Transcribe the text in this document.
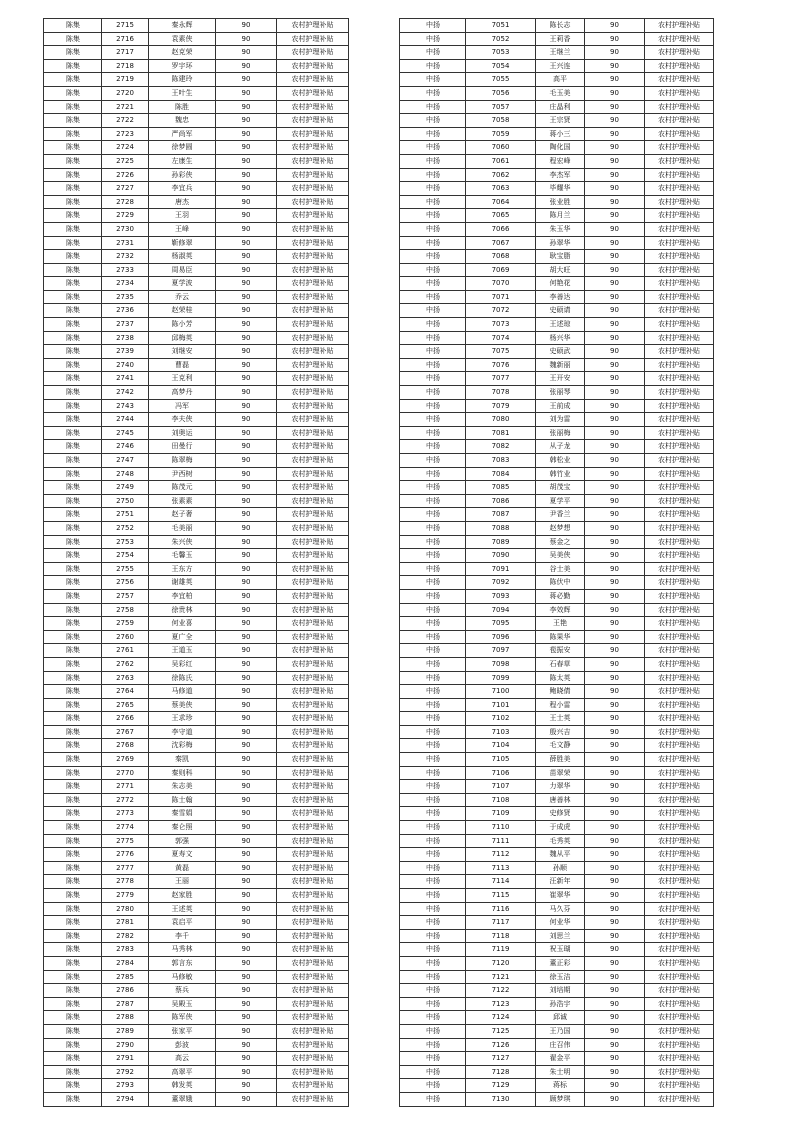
陈集	2715	秦永辉	90	农村护理补贴
陈集	2716	袁素侠	90	农村护理补贴
陈集	2717	赵克荣	90	农村护理补贴
陈集	2718	罗宇环	90	农村护理补贴
陈集	2719	陈建玲	90	农村护理补贴
陈集	2720	王叶生	90	农村护理补贴
陈集	2721	陈胜	90	农村护理补贴
陈集	2722	魏忠	90	农村护理补贴
陈集	2723	严尚军	90	农村护理补贴
陈集	2724	徐梦圆	90	农村护理补贴
陈集	2725	左康生	90	农村护理补贴
陈集	2726	孙彩侠	90	农村护理补贴
陈集	2727	李宜兵	90	农村护理补贴
陈集	2728	唐杰	90	农村护理补贴
陈集	2729	王羽	90	农村护理补贴
陈集	2730	王峰	90	农村护理补贴
陈集	2731	靳修翠	90	农村护理补贴
陈集	2732	杨淑英	90	农村护理补贴
陈集	2733	周易臣	90	农村护理补贴
陈集	2734	夏学波	90	农村护理补贴
陈集	2735	乔云	90	农村护理补贴
陈集	2736	赵荣桂	90	农村护理补贴
陈集	2737	陈小芳	90	农村护理补贴
陈集	2738	邱梅英	90	农村护理补贴
陈集	2739	刘继安	90	农村护理补贴
陈集	2740	曹磊	90	农村护理补贴
陈集	2741	王克利	90	农村护理补贴
陈集	2742	高梦丹	90	农村护理补贴
陈集	2743	冯军	90	农村护理补贴
陈集	2744	李夫侠	90	农村护理补贴
陈集	2745	刘奥运	90	农村护理补贴
陈集	2746	田曼行	90	农村护理补贴
陈集	2747	陈翠梅	90	农村护理补贴
陈集	2748	尹西树	90	农村护理补贴
陈集	2749	陈茂元	90	农村护理补贴
陈集	2750	张素素	90	农村护理补贴
陈集	2751	赵子奢	90	农村护理补贴
陈集	2752	毛美丽	90	农村护理补贴
陈集	2753	朱兴侠	90	农村护理补贴
陈集	2754	毛馨玉	90	农村护理补贴
陈集	2755	王东方	90	农村护理补贴
陈集	2756	谢雄英	90	农村护理补贴
陈集	2757	李宜柏	90	农村护理补贴
陈集	2758	徐贵林	90	农村护理补贴
陈集	2759	何业喜	90	农村护理补贴
陈集	2760	夏广全	90	农村护理补贴
陈集	2761	王道玉	90	农村护理补贴
陈集	2762	吴彩红	90	农村护理补贴
陈集	2763	徐陈氏	90	农村护理补贴
陈集	2764	马修道	90	农村护理补贴
陈集	2765	蔡美侠	90	农村护理补贴
陈集	2766	王求珍	90	农村护理补贴
陈集	2767	李守道	90	农村护理补贴
陈集	2768	沈彩梅	90	农村护理补贴
陈集	2769	秦凯	90	农村护理补贴
陈集	2770	秦则科	90	农村护理补贴
陈集	2771	朱志美	90	农村护理补贴
陈集	2772	陈士翰	90	农村护理补贴
陈集	2773	秦雪娟	90	农村护理补贴
陈集	2774	秦仑照	90	农村护理补贴
陈集	2775	郭强	90	农村护理补贴
陈集	2776	夏寿文	90	农村护理补贴
陈集	2777	黄磊	90	农村护理补贴
陈集	2778	王丽	90	农村护理补贴
陈集	2779	赵家胜	90	农村护理补贴
陈集	2780	王述英	90	农村护理补贴
陈集	2781	袁启平	90	农村护理补贴
陈集	2782	李千	90	农村护理补贴
陈集	2783	马秀林	90	农村护理补贴
陈集	2784	郭言东	90	农村护理补贴
陈集	2785	马修敏	90	农村护理补贴
陈集	2786	蔡兵	90	农村护理补贴
陈集	2787	吴殿玉	90	农村护理补贴
陈集	2788	陈军侠	90	农村护理补贴
陈集	2789	张家平	90	农村护理补贴
陈集	2790	彭波	90	农村护理补贴
陈集	2791	高云	90	农村护理补贴
陈集	2792	高翠平	90	农村护理补贴
陈集	2793	韩发英	90	农村护理补贴
陈集	2794	董翠娥	90	农村护理补贴
中扬	7051	陈长志	90	农村护理补贴
中扬	7052	王莉香	90	农村护理补贴
中扬	7053	王继兰	90	农村护理补贴
中扬	7054	王兴连	90	农村护理补贴
中扬	7055	高平	90	农村护理补贴
中扬	7056	毛玉美	90	农村护理补贴
中扬	7057	庄晶利	90	农村护理补贴
中扬	7058	王宗贤	90	农村护理补贴
中扬	7059	蒋小三	90	农村护理补贴
中扬	7060	陶化国	90	农村护理补贴
中扬	7061	程宏峰	90	农村护理补贴
中扬	7062	李杰军	90	农村护理补贴
中扬	7063	毕耀华	90	农村护理补贴
中扬	7064	张业胜	90	农村护理补贴
中扬	7065	陈月兰	90	农村护理补贴
中扬	7066	朱玉华	90	农村护理补贴
中扬	7067	孙翠华	90	农村护理补贴
中扬	7068	耿宝脂	90	农村护理补贴
中扬	7069	胡大旺	90	农村护理补贴
中扬	7070	何艳花	90	农村护理补贴
中扬	7071	李善达	90	农村护理补贴
中扬	7072	史硕请	90	农村护理补贴
中扬	7073	王述琼	90	农村护理补贴
中扬	7074	杨兴华	90	农村护理补贴
中扬	7075	史硕武	90	农村护理补贴
中扬	7076	魏新丽	90	农村护理补贴
中扬	7077	王开安	90	农村护理补贴
中扬	7078	张丽琴	90	农村护理补贴
中扬	7079	王前成	90	农村护理补贴
中扬	7080	刘为雷	90	农村护理补贴
中扬	7081	张丽梅	90	农村护理补贴
中扬	7082	从子龙	90	农村护理补贴
中扬	7083	韩松业	90	农村护理补贴
中扬	7084	韩竹业	90	农村护理补贴
中扬	7085	胡茂宝	90	农村护理补贴
中扬	7086	夏学平	90	农村护理补贴
中扬	7087	尹香兰	90	农村护理补贴
中扬	7088	赵梦想	90	农村护理补贴
中扬	7089	蔡金之	90	农村护理补贴
中扬	7090	吴美侠	90	农村护理补贴
中扬	7091	谷士美	90	农村护理补贴
中扬	7092	陈伏中	90	农村护理补贴
中扬	7093	蒋必勤	90	农村护理补贴
中扬	7094	李效辉	90	农村护理补贴
中扬	7095	王艳	90	农村护理补贴
中扬	7096	陈果华	90	农村护理补贴
中扬	7097	苞振安	90	农村护理补贴
中扬	7098	石春草	90	农村护理补贴
中扬	7099	陈太英	90	农村护理补贴
中扬	7100	鲍晓倩	90	农村护理补贴
中扬	7101	程小雷	90	农村护理补贴
中扬	7102	王士英	90	农村护理补贴
中扬	7103	殷兴吉	90	农村护理补贴
中扬	7104	毛文静	90	农村护理补贴
中扬	7105	薛胜美	90	农村护理补贴
中扬	7106	苗翠荣	90	农村护理补贴
中扬	7107	力翠华	90	农村护理补贴
中扬	7108	唐善林	90	农村护理补贴
中扬	7109	史修贤	90	农村护理补贴
中扬	7110	于成虎	90	农村护理补贴
中扬	7111	毛秀英	90	农村护理补贴
中扬	7112	魏从平	90	农村护理补贴
中扬	7113	孙顺	90	农村护理补贴
中扬	7114	汪新年	90	农村护理补贴
中扬	7115	崔翠华	90	农村护理补贴
中扬	7116	马久芬	90	农村护理补贴
中扬	7117	何业华	90	农村护理补贴
中扬	7118	刘思兰	90	农村护理补贴
中扬	7119	祝玉瑚	90	农村护理补贴
中扬	7120	董正彩	90	农村护理补贴
中扬	7121	徐玉洁	90	农村护理补贴
中扬	7122	刘培期	90	农村护理补贴
中扬	7123	孙浩宇	90	农村护理补贴
中扬	7124	邱诚	90	农村护理补贴
中扬	7125	王乃国	90	农村护理补贴
中扬	7126	庄召伟	90	农村护理补贴
中扬	7127	翟金平	90	农村护理补贴
中扬	7128	朱士明	90	农村护理补贴
中扬	7129	蒋标	90	农村护理补贴
中扬	7130	顾梦琪	90	农村护理补贴
